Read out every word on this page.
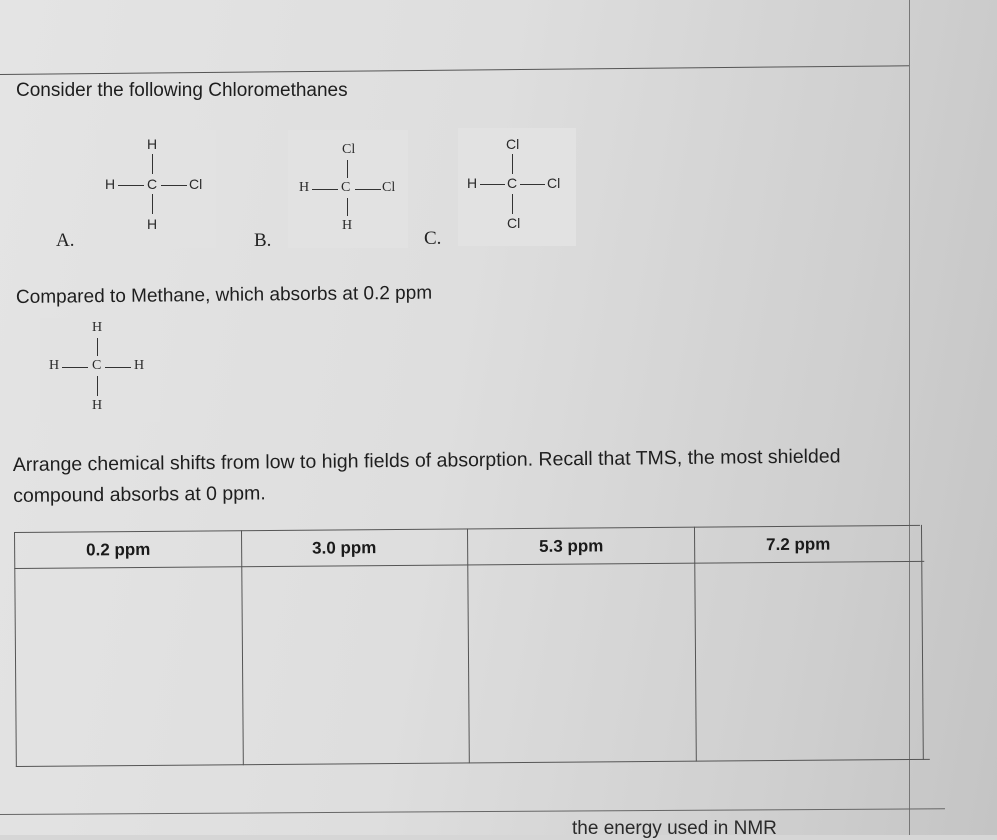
Consider the following Chloromethanes
H
H C Cl
H
A.
Cl
H C Cl
H
B.
Cl
H C Cl
Cl
C.
Compared to Methane, which absorbs at 0.2 ppm
H
H C H
H
Arrange chemical shifts from low to high fields of absorption. Recall that TMS, the most shielded compound absorbs at 0 ppm.
0.2 ppm	3.0 ppm	5.3 ppm	7.2 ppm
the energy used in NMR
